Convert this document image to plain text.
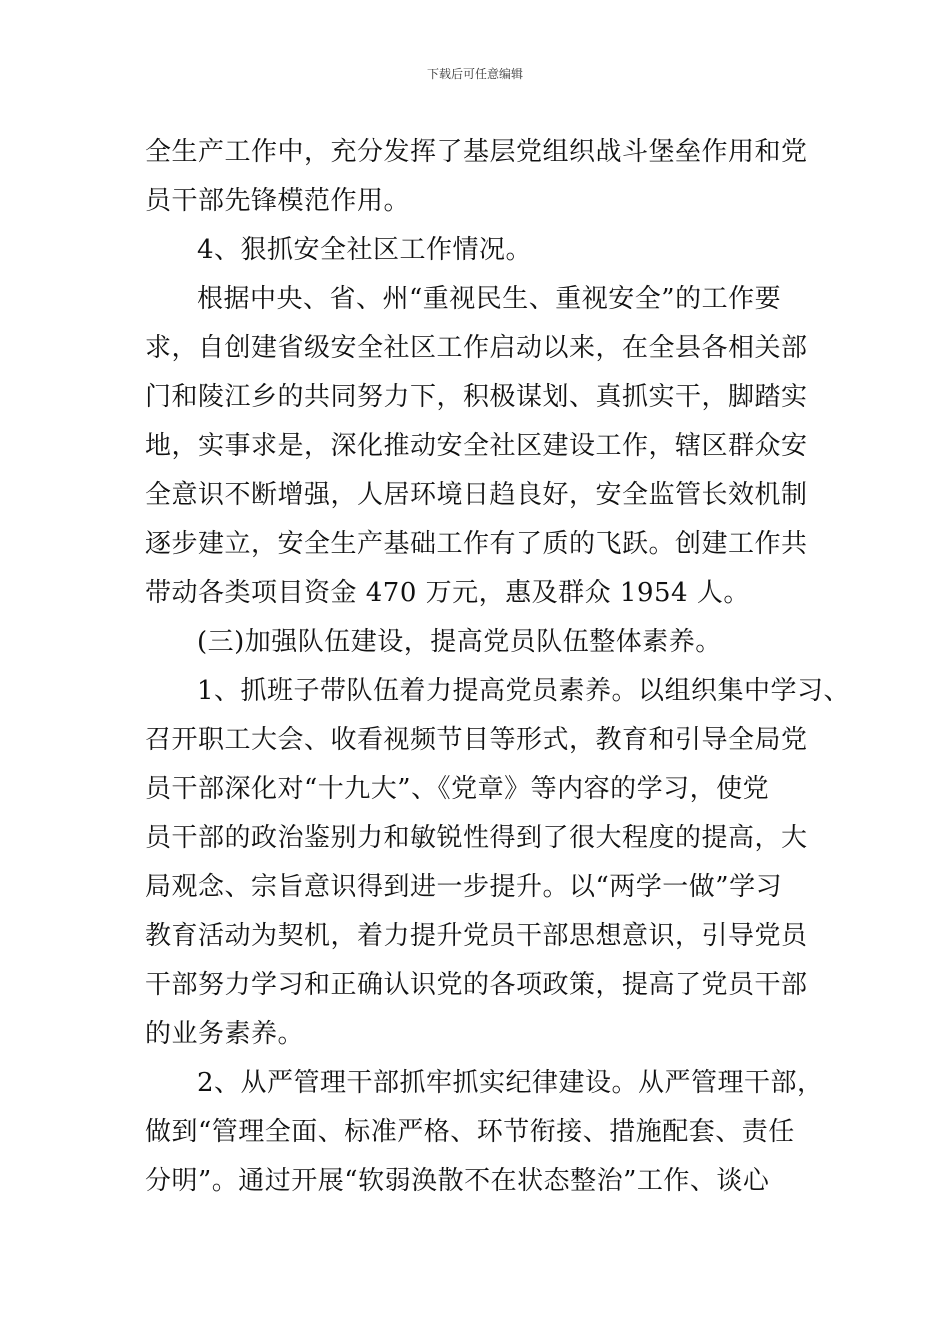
下载后可任意编辑
全生产工作中，充分发挥了基层党组织战斗堡垒作用和党
员干部先锋模范作用。
4、狠抓安全社区工作情况。
根据中央、省、州“重视民生、重视安全”的工作要
求，自创建省级安全社区工作启动以来，在全县各相关部
门和陵江乡的共同努力下，积极谋划、真抓实干，脚踏实
地，实事求是，深化推动安全社区建设工作，辖区群众安
全意识不断增强，人居环境日趋良好，安全监管长效机制
逐步建立，安全生产基础工作有了质的飞跃。创建工作共
带动各类项目资金 470 万元，惠及群众 1954 人。
(三)加强队伍建设，提高党员队伍整体素养。
1、抓班子带队伍着力提高党员素养。以组织集中学习、
召开职工大会、收看视频节目等形式，教育和引导全局党
员干部深化对“十九大”、《党章》等内容的学习，使党
员干部的政治鉴别力和敏锐性得到了很大程度的提高，大
局观念、宗旨意识得到进一步提升。以“两学一做”学习
教育活动为契机，着力提升党员干部思想意识，引导党员
干部努力学习和正确认识党的各项政策，提高了党员干部
的业务素养。
2、从严管理干部抓牢抓实纪律建设。从严管理干部，
做到“管理全面、标准严格、环节衔接、措施配套、责任
分明”。通过开展“软弱涣散不在状态整治”工作、谈心
